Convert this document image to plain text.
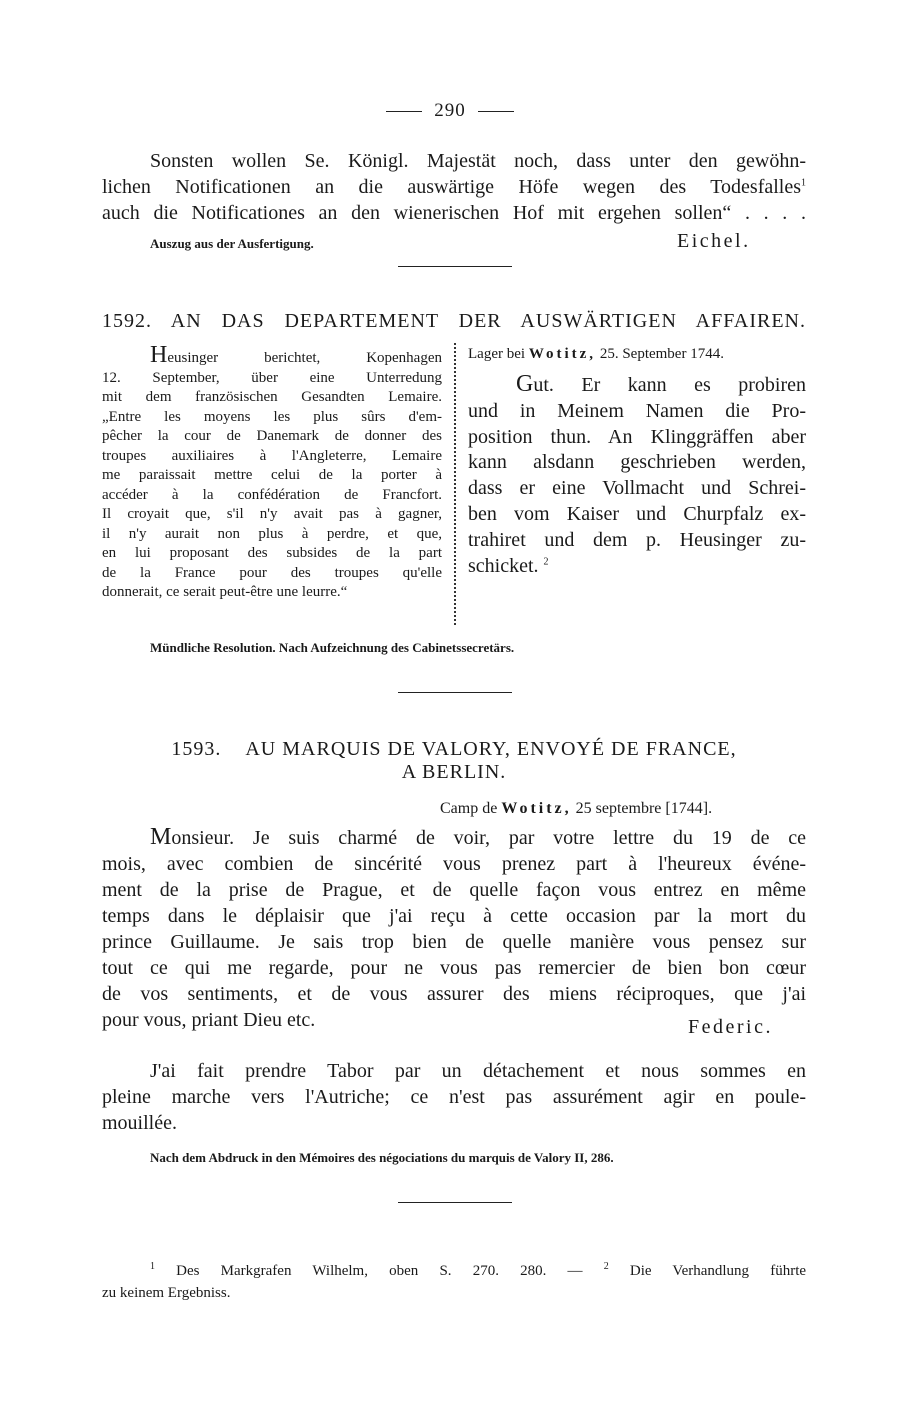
290
Sonsten wollen Se. Königl. Majestät noch, dass unter den gewöhn-
lichen Notificationen an die auswärtige Höfe wegen des Todesfalles$^1$
auch die Notificationes an den wienerischen Hof mit ergehen sollen“ . . . .
Auszug aus der Ausfertigung.	Eichel.
1592. AN DAS DEPARTEMENT DER AUSWÄRTIGEN AFFAIREN.
Heusinger berichtet, Kopenhagen
12. September, über eine Unterredung
mit dem französischen Gesandten Lemaire.
„Entre les moyens les plus sûrs d'em-
pêcher la cour de Danemark de donner des
troupes auxiliaires à l'Angleterre, Lemaire
me paraissait mettre celui de la porter à
accéder à la confédération de Francfort.
Il croyait que, s'il n'y avait pas à gagner,
il n'y aurait non plus à perdre, et que,
en lui proposant des subsides de la part
de la France pour des troupes qu'elle
donnerait, ce serait peut-être une leurre.“
Lager bei Wotitz, 25. September 1744.
Gut. Er kann es probiren
und in Meinem Namen die Pro-
position thun. An Klinggräffen aber
kann alsdann geschrieben werden,
dass er eine Vollmacht und Schrei-
ben vom Kaiser und Churpfalz ex-
trahiret und dem p. Heusinger zu-
schicket. $^2$
Mündliche Resolution. Nach Aufzeichnung des Cabinetssecretärs.
1593. AU MARQUIS DE VALORY, ENVOYÉ DE FRANCE,
A BERLIN.
Camp de Wotitz, 25 septembre [1744].
Monsieur. Je suis charmé de voir, par votre lettre du 19 de ce
mois, avec combien de sincérité vous prenez part à l'heureux événe-
ment de la prise de Prague, et de quelle façon vous entrez en même
temps dans le déplaisir que j'ai reçu à cette occasion par la mort du
prince Guillaume. Je sais trop bien de quelle manière vous pensez sur
tout ce qui me regarde, pour ne vous pas remercier de bien bon cœur
de vos sentiments, et de vous assurer des miens réciproques, que j'ai
pour vous, priant Dieu etc.	Federic.
J'ai fait prendre Tabor par un détachement et nous sommes en
pleine marche vers l'Autriche; ce n'est pas assurément agir en poule-
mouillée.
Nach dem Abdruck in den Mémoires des négociations du marquis de Valory II, 286.
$^1$ Des Markgrafen Wilhelm, oben S. 270. 280. — $^2$ Die Verhandlung führte
zu keinem Ergebniss.
